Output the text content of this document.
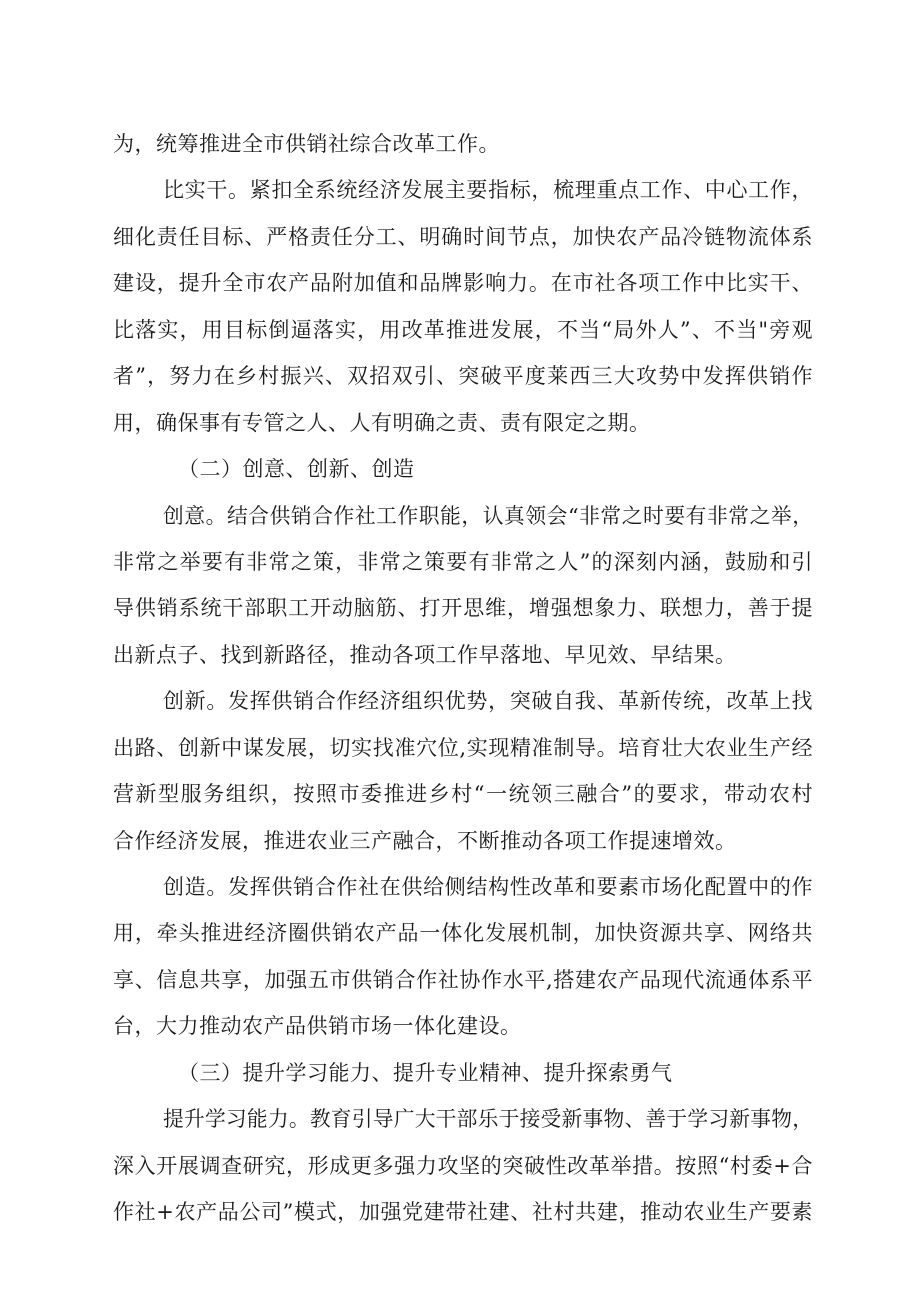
为，统筹推进全市供销社综合改革工作。
比实干。紧扣全系统经济发展主要指标，梳理重点工作、中心工作，
细化责任目标、严格责任分工、明确时间节点，加快农产品冷链物流体系
建设，提升全市农产品附加值和品牌影响力。在市社各项工作中比实干、
比落实，用目标倒逼落实，用改革推进发展，不当“局外人”、不当"旁观
者”，努力在乡村振兴、双招双引、突破平度莱西三大攻势中发挥供销作
用，确保事有专管之人、人有明确之责、责有限定之期。
（二）创意、创新、创造
创意。结合供销合作社工作职能，认真领会“非常之时要有非常之举，
非常之举要有非常之策，非常之策要有非常之人”的深刻内涵，鼓励和引
导供销系统干部职工开动脑筋、打开思维，增强想象力、联想力，善于提
出新点子、找到新路径，推动各项工作早落地、早见效、早结果。
创新。发挥供销合作经济组织优势，突破自我、革新传统，改革上找
出路、创新中谋发展，切实找准穴位,实现精准制导。培育壮大农业生产经
营新型服务组织，按照市委推进乡村“一统领三融合”的要求，带动农村
合作经济发展，推进农业三产融合，不断推动各项工作提速增效。
创造。发挥供销合作社在供给侧结构性改革和要素市场化配置中的作
用，牵头推进经济圈供销农产品一体化发展机制，加快资源共享、网络共
享、信息共享，加强五市供销合作社协作水平,搭建农产品现代流通体系平
台，大力推动农产品供销市场一体化建设。
（三）提升学习能力、提升专业精神、提升探索勇气
提升学习能力。教育引导广大干部乐于接受新事物、善于学习新事物，
深入开展调查研究，形成更多强力攻坚的突破性改革举措。按照“村委+合
作社+农产品公司”模式，加强党建带社建、社村共建，推动农业生产要素
